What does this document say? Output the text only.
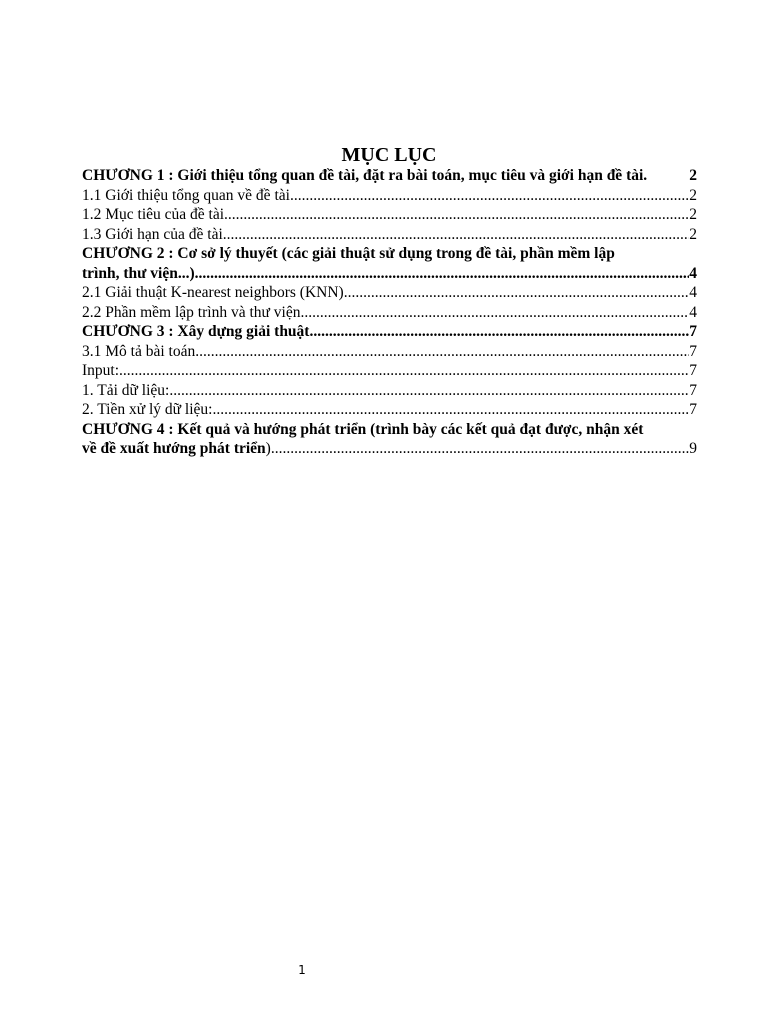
MỤC LỤC
CHƯƠNG 1 : Giới thiệu tổng quan đề tài, đặt ra bài toán, mục tiêu và giới hạn đề tài.	2
1.1 Giới thiệu tổng quan về đề tài .....	2
1.2 Mục tiêu của đề tài .....	2
1.3 Giới hạn của đề tài .....	2
CHƯƠNG 2 : Cơ sở lý thuyết (các giải thuật sử dụng trong đề tài, phần mềm lập
trình, thư viện...) .....	4
2.1 Giải thuật K-nearest neighbors (KNN) .....	4
2.2 Phần mềm lập trình và thư viện .....	4
CHƯƠNG 3 : Xây dựng giải thuật .....	7
3.1 Mô tả bài toán .....	7
Input: .....	7
1. Tải dữ liệu: .....	7
2. Tiền xử lý dữ liệu: .....	7
CHƯƠNG 4 : Kết quả và hướng phát triển (trình bày các kết quả đạt được, nhận xét
về đề xuất hướng phát triển) .....	9
1
